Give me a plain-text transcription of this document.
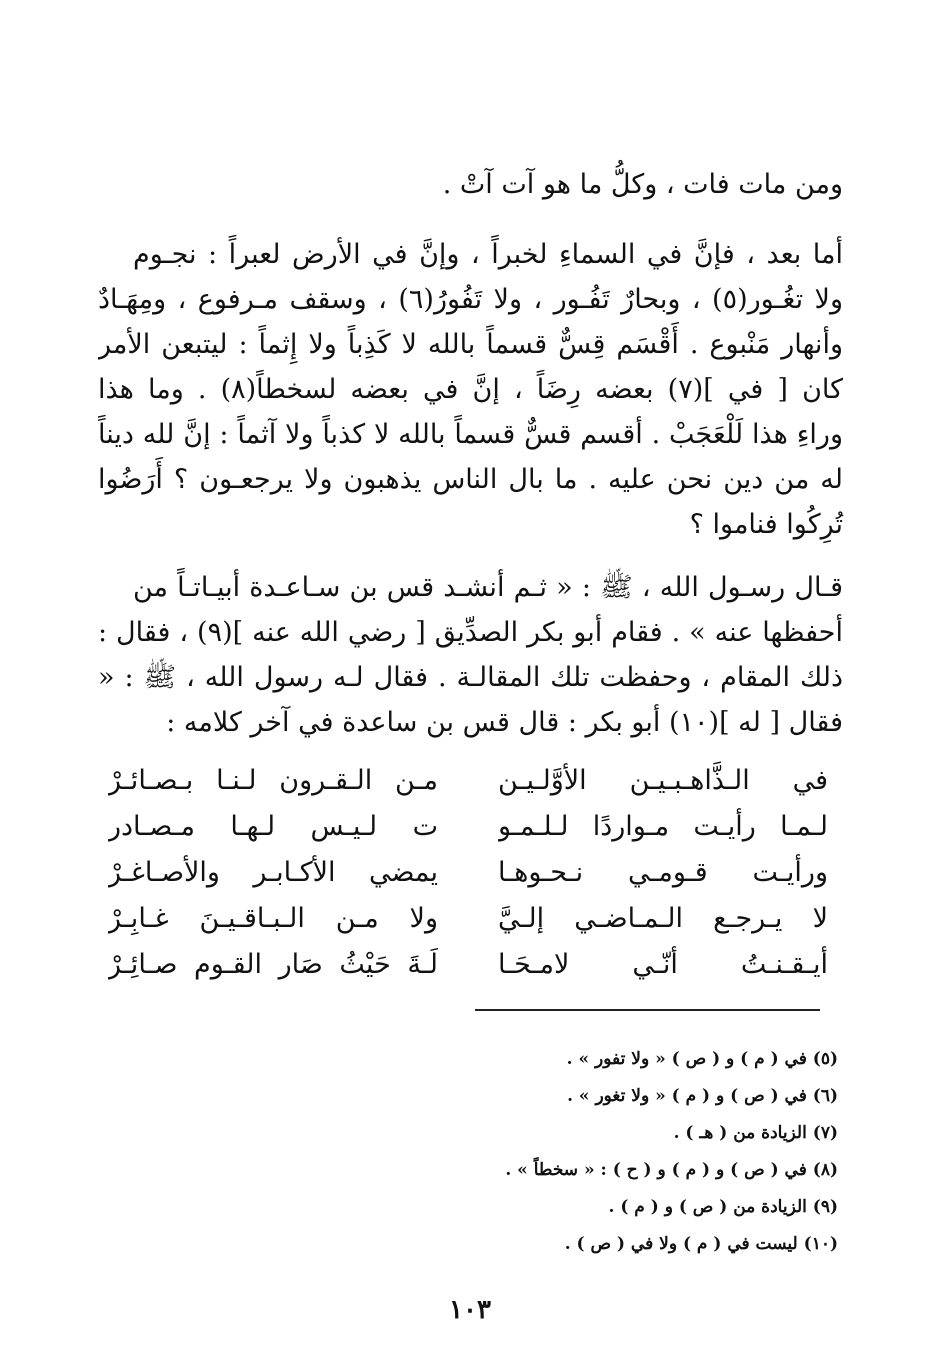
ومن مات فات ، وكلُّ ما هو آت آتْ .
أما بعد ، فإنَّ في السماءِ لخبراً ، وإنَّ في الأرض لعبراً : نجـوم
ولا تغُـور(٥) ، وبحارٌ تَفُـور ، ولا تَفُورُ(٦) ، وسقف مـرفوع ، ومِهَـادٌ
وأنهار مَنْبوع . أَقْسَم قِسٌّ قسماً بالله لا كَذِباً ولا إِثماً : ليتبعن الأمر
كان [ في ](٧) بعضه رِضَاً ، إنَّ في بعضه لسخطاً(٨) . وما هذا
وراءِ هذا لَلْعَجَبْ . أقسم قسٌّ قسماً بالله لا كذباً ولا آثماً : إنَّ لله ديناً
له من دين نحن عليه . ما بال الناس يذهبون ولا يرجعـون ؟ أَرَضُوا
تُرِكُوا فناموا ؟
قـال رسـول الله ، ﷺ : « ثـم أنشـد قس بن سـاعـدة أبيـاتـاً من
أحفظها عنه » . فقام أبو بكر الصدِّيق [ رضي الله عنه ](٩) ، فقال :
ذلك المقام ، وحفظت تلك المقالـة . فقال لـه رسول الله ، ﷺ : «
فقال [ له ](١٠) أبو بكر : قال قس بن ساعدة في آخر كلامه :
في الـذَّاهـبـيـن الأوَّلـيـن
مـن الـقـرون لـنـا بـصـائـرْ
لـمـا رأيـت مـواردًا لـلـمـو
ت لـيـس لـهـا مـصـادر
ورأيـت قـومـي نـحـوهـا
يمضي الأكـابـر والأصـاغـرْ
لا يـرجـع الـمـاضـي إلـيَّ
ولا مـن الـبـاقـيـنَ غـابِـرْ
أيـقـنـتُ أنّـي لامـحَـا
لَـةَ حَيْثُ صَار القـوم صـائِـرْ
(٥) في ( م ) و ( ص ) « ولا تفور » .
(٦) في ( ص ) و ( م ) « ولا تغور » .
(٧) الزيادة من ( هـ ) .
(٨) في ( ص ) و ( م ) و ( ح ) : « سخطاً » .
(٩) الزيادة من ( ص ) و ( م ) .
(١٠) ليست في ( م ) ولا في ( ص ) .
١٠٣
